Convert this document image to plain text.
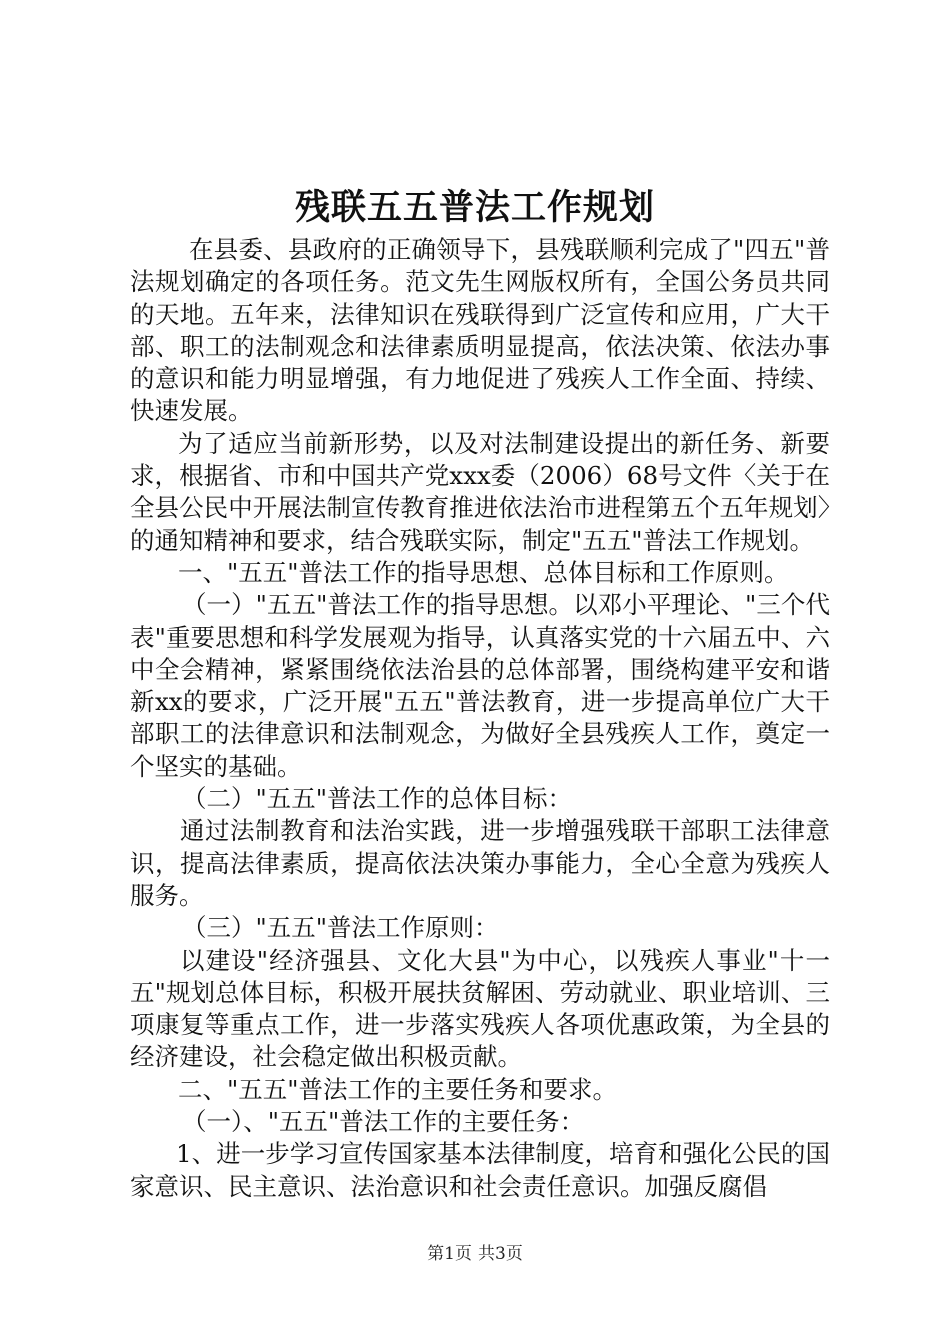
残联五五普法工作规划

在县委、县政府的正确领导下，县残联顺利完成了"四五"普法规划确定的各项任务。范文先生网版权所有，全国公务员共同的天地。五年来，法律知识在残联得到广泛宣传和应用，广大干部、职工的法制观念和法律素质明显提高，依法决策、依法办事的意识和能力明显增强，有力地促进了残疾人工作全面、持续、快速发展。

为了适应当前新形势，以及对法制建设提出的新任务、新要求，根据省、市和中国共产党xxx委（2006）68号文件〈关于在全县公民中开展法制宣传教育推进依法治市进程第五个五年规划〉的通知精神和要求，结合残联实际，制定"五五"普法工作规划。

一、"五五"普法工作的指导思想、总体目标和工作原则。

（一）"五五"普法工作的指导思想。以邓小平理论、"三个代表"重要思想和科学发展观为指导，认真落实党的十六届五中、六中全会精神，紧紧围绕依法治县的总体部署，围绕构建平安和谐新xx的要求，广泛开展"五五"普法教育，进一步提高单位广大干部职工的法律意识和法制观念，为做好全县残疾人工作，奠定一个坚实的基础。

（二）"五五"普法工作的总体目标：

通过法制教育和法治实践，进一步增强残联干部职工法律意识，提高法律素质，提高依法决策办事能力，全心全意为残疾人服务。

（三）"五五"普法工作原则：

以建设"经济强县、文化大县"为中心，以残疾人事业"十一五"规划总体目标，积极开展扶贫解困、劳动就业、职业培训、三项康复等重点工作，进一步落实残疾人各项优惠政策，为全县的经济建设，社会稳定做出积极贡献。

二、"五五"普法工作的主要任务和要求。

（一）、"五五"普法工作的主要任务：

1、进一步学习宣传国家基本法律制度，培育和强化公民的国家意识、民主意识、法治意识和社会责任意识。加强反腐倡

第1页 共3页
